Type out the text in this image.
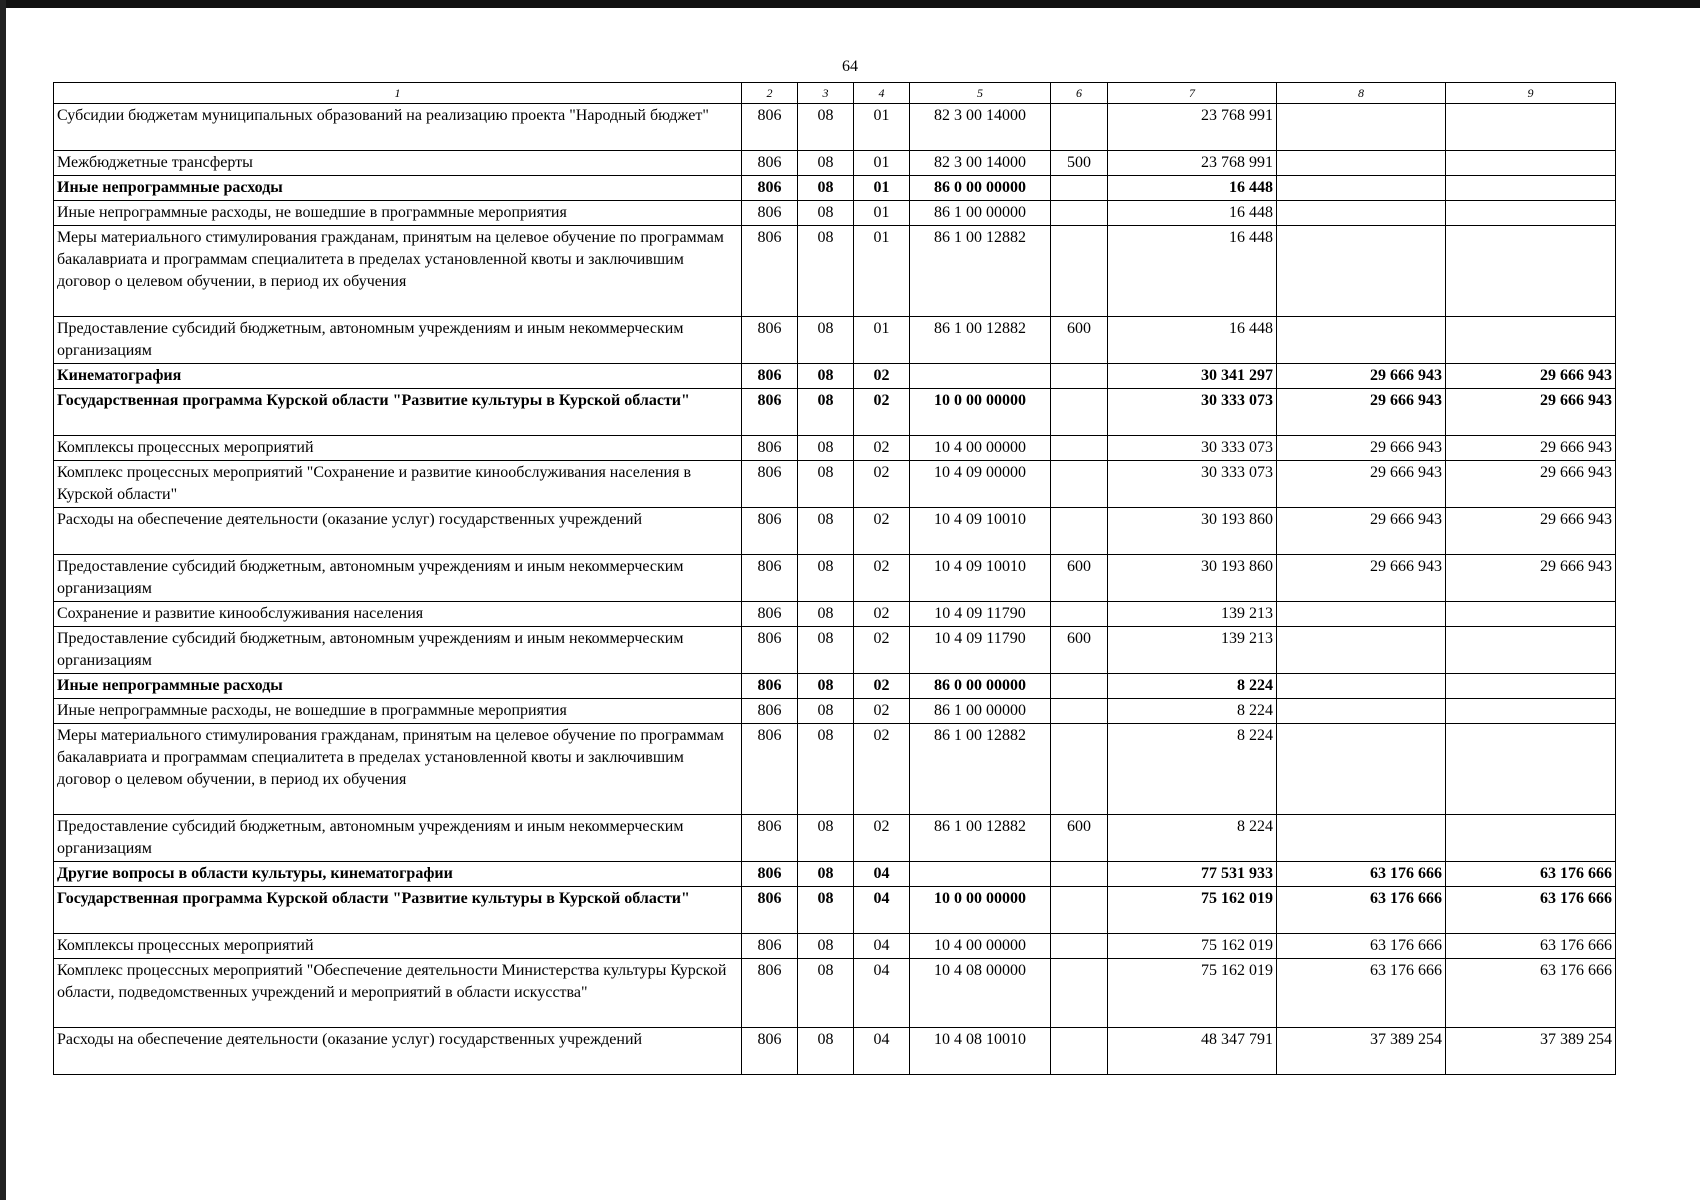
64
1	2	3	4	5	6	7	8	9
Субсидии бюджетам муниципальных образований на реализацию проекта "Народный бюджет"	806	08	01	82 3 00 14000		23 768 991		
Межбюджетные трансферты	806	08	01	82 3 00 14000	500	23 768 991		
Иные непрограммные расходы	806	08	01	86 0 00 00000		16 448		
Иные непрограммные расходы, не вошедшие в программные мероприятия	806	08	01	86 1 00 00000		16 448		
Меры материального стимулирования гражданам, принятым на целевое обучение по программам бакалавриата и программам специалитета в пределах установленной квоты и заключившим договор о целевом обучении, в период их обучения	806	08	01	86 1 00 12882		16 448		
Предоставление субсидий бюджетным, автономным учреждениям и иным некоммерческим организациям	806	08	01	86 1 00 12882	600	16 448		
Кинематография	806	08	02			30 341 297	29 666 943	29 666 943
Государственная программа Курской области "Развитие культуры в Курской области"	806	08	02	10 0 00 00000		30 333 073	29 666 943	29 666 943
Комплексы процессных мероприятий	806	08	02	10 4 00 00000		30 333 073	29 666 943	29 666 943
Комплекс процессных мероприятий "Сохранение и развитие кинообслуживания населения в Курской области"	806	08	02	10 4 09 00000		30 333 073	29 666 943	29 666 943
Расходы на обеспечение деятельности (оказание услуг) государственных учреждений	806	08	02	10 4 09 10010		30 193 860	29 666 943	29 666 943
Предоставление субсидий бюджетным, автономным учреждениям и иным некоммерческим организациям	806	08	02	10 4 09 10010	600	30 193 860	29 666 943	29 666 943
Сохранение и развитие кинообслуживания населения	806	08	02	10 4 09 11790		139 213		
Предоставление субсидий бюджетным, автономным учреждениям и иным некоммерческим организациям	806	08	02	10 4 09 11790	600	139 213		
Иные непрограммные расходы	806	08	02	86 0 00 00000		8 224		
Иные непрограммные расходы, не вошедшие в программные мероприятия	806	08	02	86 1 00 00000		8 224		
Меры материального стимулирования гражданам, принятым на целевое обучение по программам бакалавриата и программам специалитета в пределах установленной квоты и заключившим договор о целевом обучении, в период их обучения	806	08	02	86 1 00 12882		8 224		
Предоставление субсидий бюджетным, автономным учреждениям и иным некоммерческим организациям	806	08	02	86 1 00 12882	600	8 224		
Другие вопросы в области культуры, кинематографии	806	08	04			77 531 933	63 176 666	63 176 666
Государственная программа Курской области "Развитие культуры в Курской области"	806	08	04	10 0 00 00000		75 162 019	63 176 666	63 176 666
Комплексы процессных мероприятий	806	08	04	10 4 00 00000		75 162 019	63 176 666	63 176 666
Комплекс процессных мероприятий "Обеспечение деятельности Министерства культуры Курской области, подведомственных учреждений и мероприятий в области искусства"	806	08	04	10 4 08 00000		75 162 019	63 176 666	63 176 666
Расходы на обеспечение деятельности (оказание услуг) государственных учреждений	806	08	04	10 4 08 10010		48 347 791	37 389 254	37 389 254
